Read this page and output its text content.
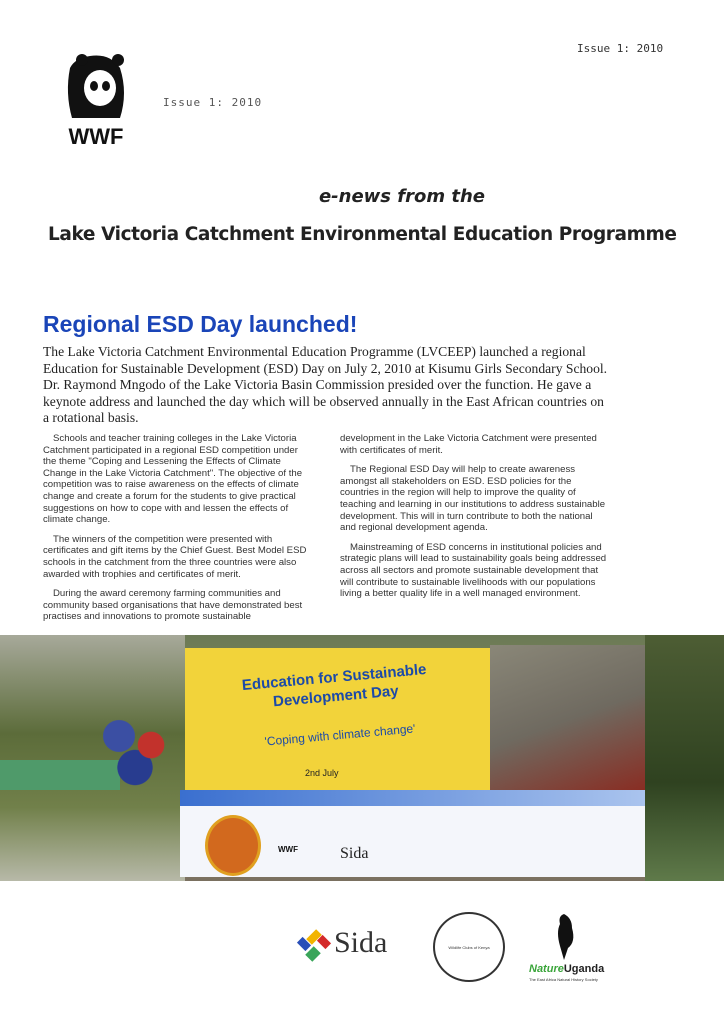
Issue 1: 2010
Issue 1: 2010
WWF
e-news from the
Lake Victoria Catchment Environmental Education Programme
Regional ESD Day launched!
The Lake Victoria Catchment Environmental Education Programme (LVCEEP) launched a regional Education for Sustainable Development (ESD) Day on July 2, 2010 at Kisumu Girls Secondary School. Dr. Raymond Mngodo of the Lake Victoria Basin Commission presided over the function. He gave a keynote address and launched the day which will be observed annually in the East African countries on a rotational basis.

Schools and teacher training colleges in the Lake Victoria Catchment participated in a regional ESD competition under the theme "Coping and Lessening the Effects of Climate Change in the Lake Victoria Catchment". The objective of the competition was to raise awareness on the effects of climate change and create a forum for the students to give practical suggestions on how to cope with and lessen the effects of climate change.

The winners of the competition were presented with certificates and gift items by the Chief Guest. Best Model ESD schools in the catchment from the three countries were also awarded with trophies and certificates of merit.

During the award ceremony farming communities and community based organisations that have demonstrated best practises and innovations to promote sustainable

development in the Lake Victoria Catchment were presented with certificates of merit.

The Regional ESD Day will help to create awareness amongst all stakeholders on ESD. ESD policies for the countries in the region will help to improve the quality of teaching and learning in our institutions to address sustainable development. This will in turn contribute to both the national and regional development agenda.

Mainstreaming of ESD concerns in institutional policies and strategic plans will lead to sustainability goals being addressed across all sectors and promote sustainable development that will contribute to sustainable livelihoods with our populations living a better quality life in a well managed environment.

Education for Sustainable Development Day
'Coping with climate change'
2nd July
WWF	Sida
Sida	Wildlife Clubs of Kenya
NatureUganda
The East Africa Natural History Society
